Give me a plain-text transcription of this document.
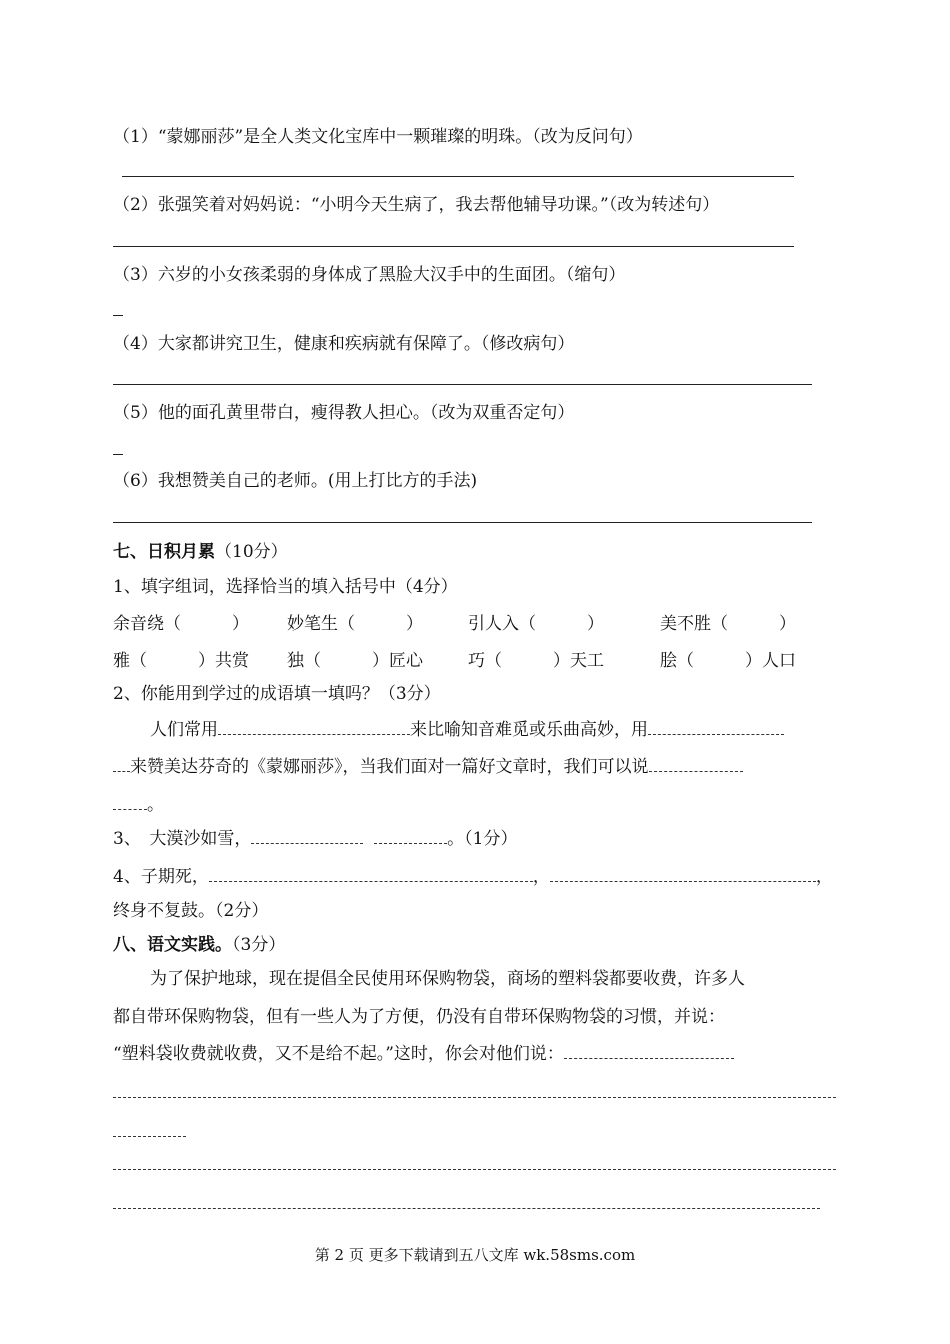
（1）“蒙娜丽莎”是全人类文化宝库中一颗璀璨的明珠。（改为反问句）
（2）张强笑着对妈妈说：“小明今天生病了，我去帮他辅导功课。”（改为转述句）
（3）六岁的小女孩柔弱的身体成了黑脸大汉手中的生面团。（缩句）
（4）大家都讲究卫生，健康和疾病就有保障了。（修改病句）
（5）他的面孔黄里带白，瘦得教人担心。（改为双重否定句）
（6）我想赞美自己的老师。(用上打比方的手法)
七、日积月累（10分）
1、填字组词，选择恰当的填入括号中（4分）
余音绕（　　　） 妙笔生（　　　）	引人入（　　　）	美不胜（　　　）
雅（　　　）共赏 独（　　　）匠心	巧（　　　）天工	脍（　　　）人口
2、你能用到学过的成语填一填吗？（3分）
人们常用	来比喻知音难觅或乐曲高妙，用
来赞美达芬奇的《蒙娜丽莎》，当我们面对一篇好文章时，我们可以说
。
3、　大漠沙如雪，	。（1分）
4、子期死，	，	，
终身不复鼓。（2分）
八、语文实践。（3分）
为了保护地球，现在提倡全民使用环保购物袋，商场的塑料袋都要收费，许多人
都自带环保购物袋，但有一些人为了方便，仍没有自带环保购物袋的习惯，并说：
“塑料袋收费就收费，又不是给不起。”这时，你会对他们说：
第 2 页 更多下载请到五八文库 wk.58sms.com
